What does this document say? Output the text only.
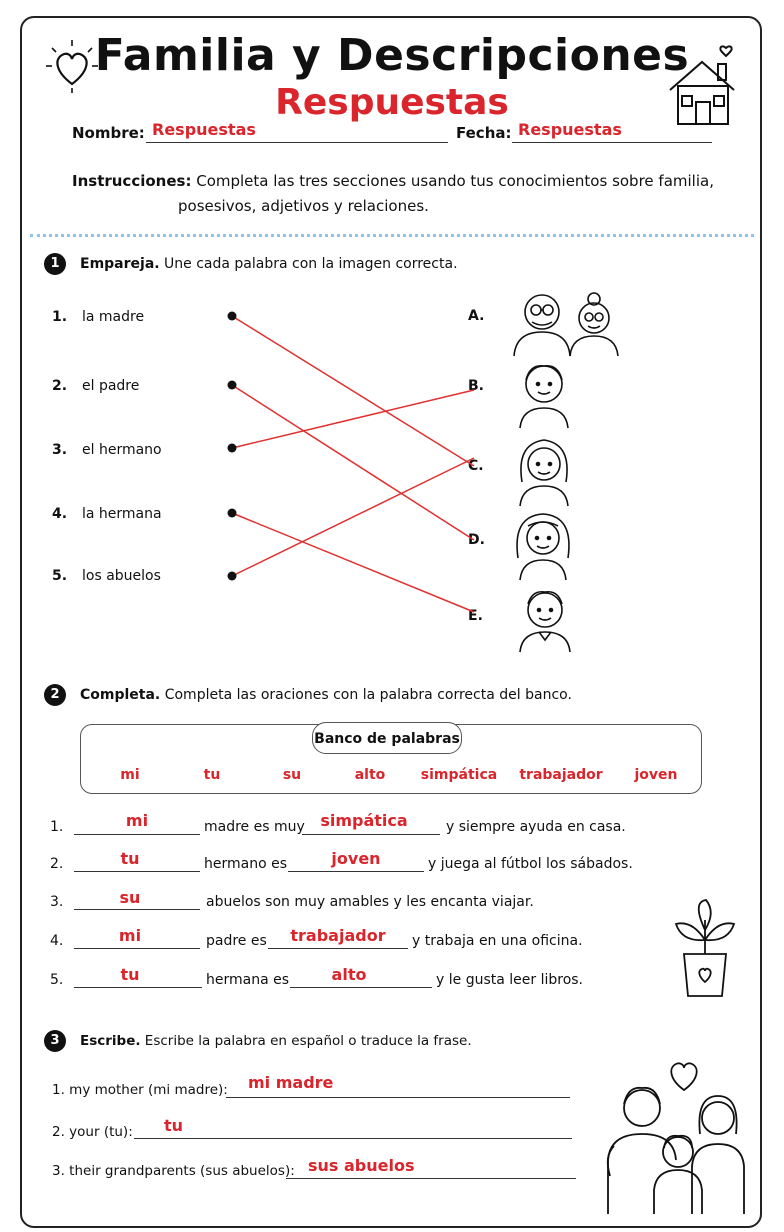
Familia y Descripciones
Respuestas
Nombre: Respuestas	Fecha: Respuestas
Instrucciones: Completa las tres secciones usando tus conocimientos sobre familia,
posesivos, adjetivos y relaciones.
1	Empareja. Une cada palabra con la imagen correcta.
1. la madre
2. el padre
3. el hermano
4. la hermana
5. los abuelos
A.
B.
C.
D.
E.
2	Completa. Completa las oraciones con la palabra correcta del banco.
Banco de palabras
mi	tu	su	alto	simpática	trabajador	joven
1.	mi	madre es muy simpática	y siempre ayuda en casa.
2.	tu	hermano es	joven	y juega al fútbol los sábados.
3.	su	abuelos son muy amables y les encanta viajar.
4.	mi	padre es	trabajador	y trabaja en una oficina.
5.	tu	hermana es	alto	y le gusta leer libros.
3	Escribe. Escribe la palabra en español o traduce la frase.
1. my mother (mi madre): mi madre
2. your (tu): tu
3. their grandparents (sus abuelos): sus abuelos
